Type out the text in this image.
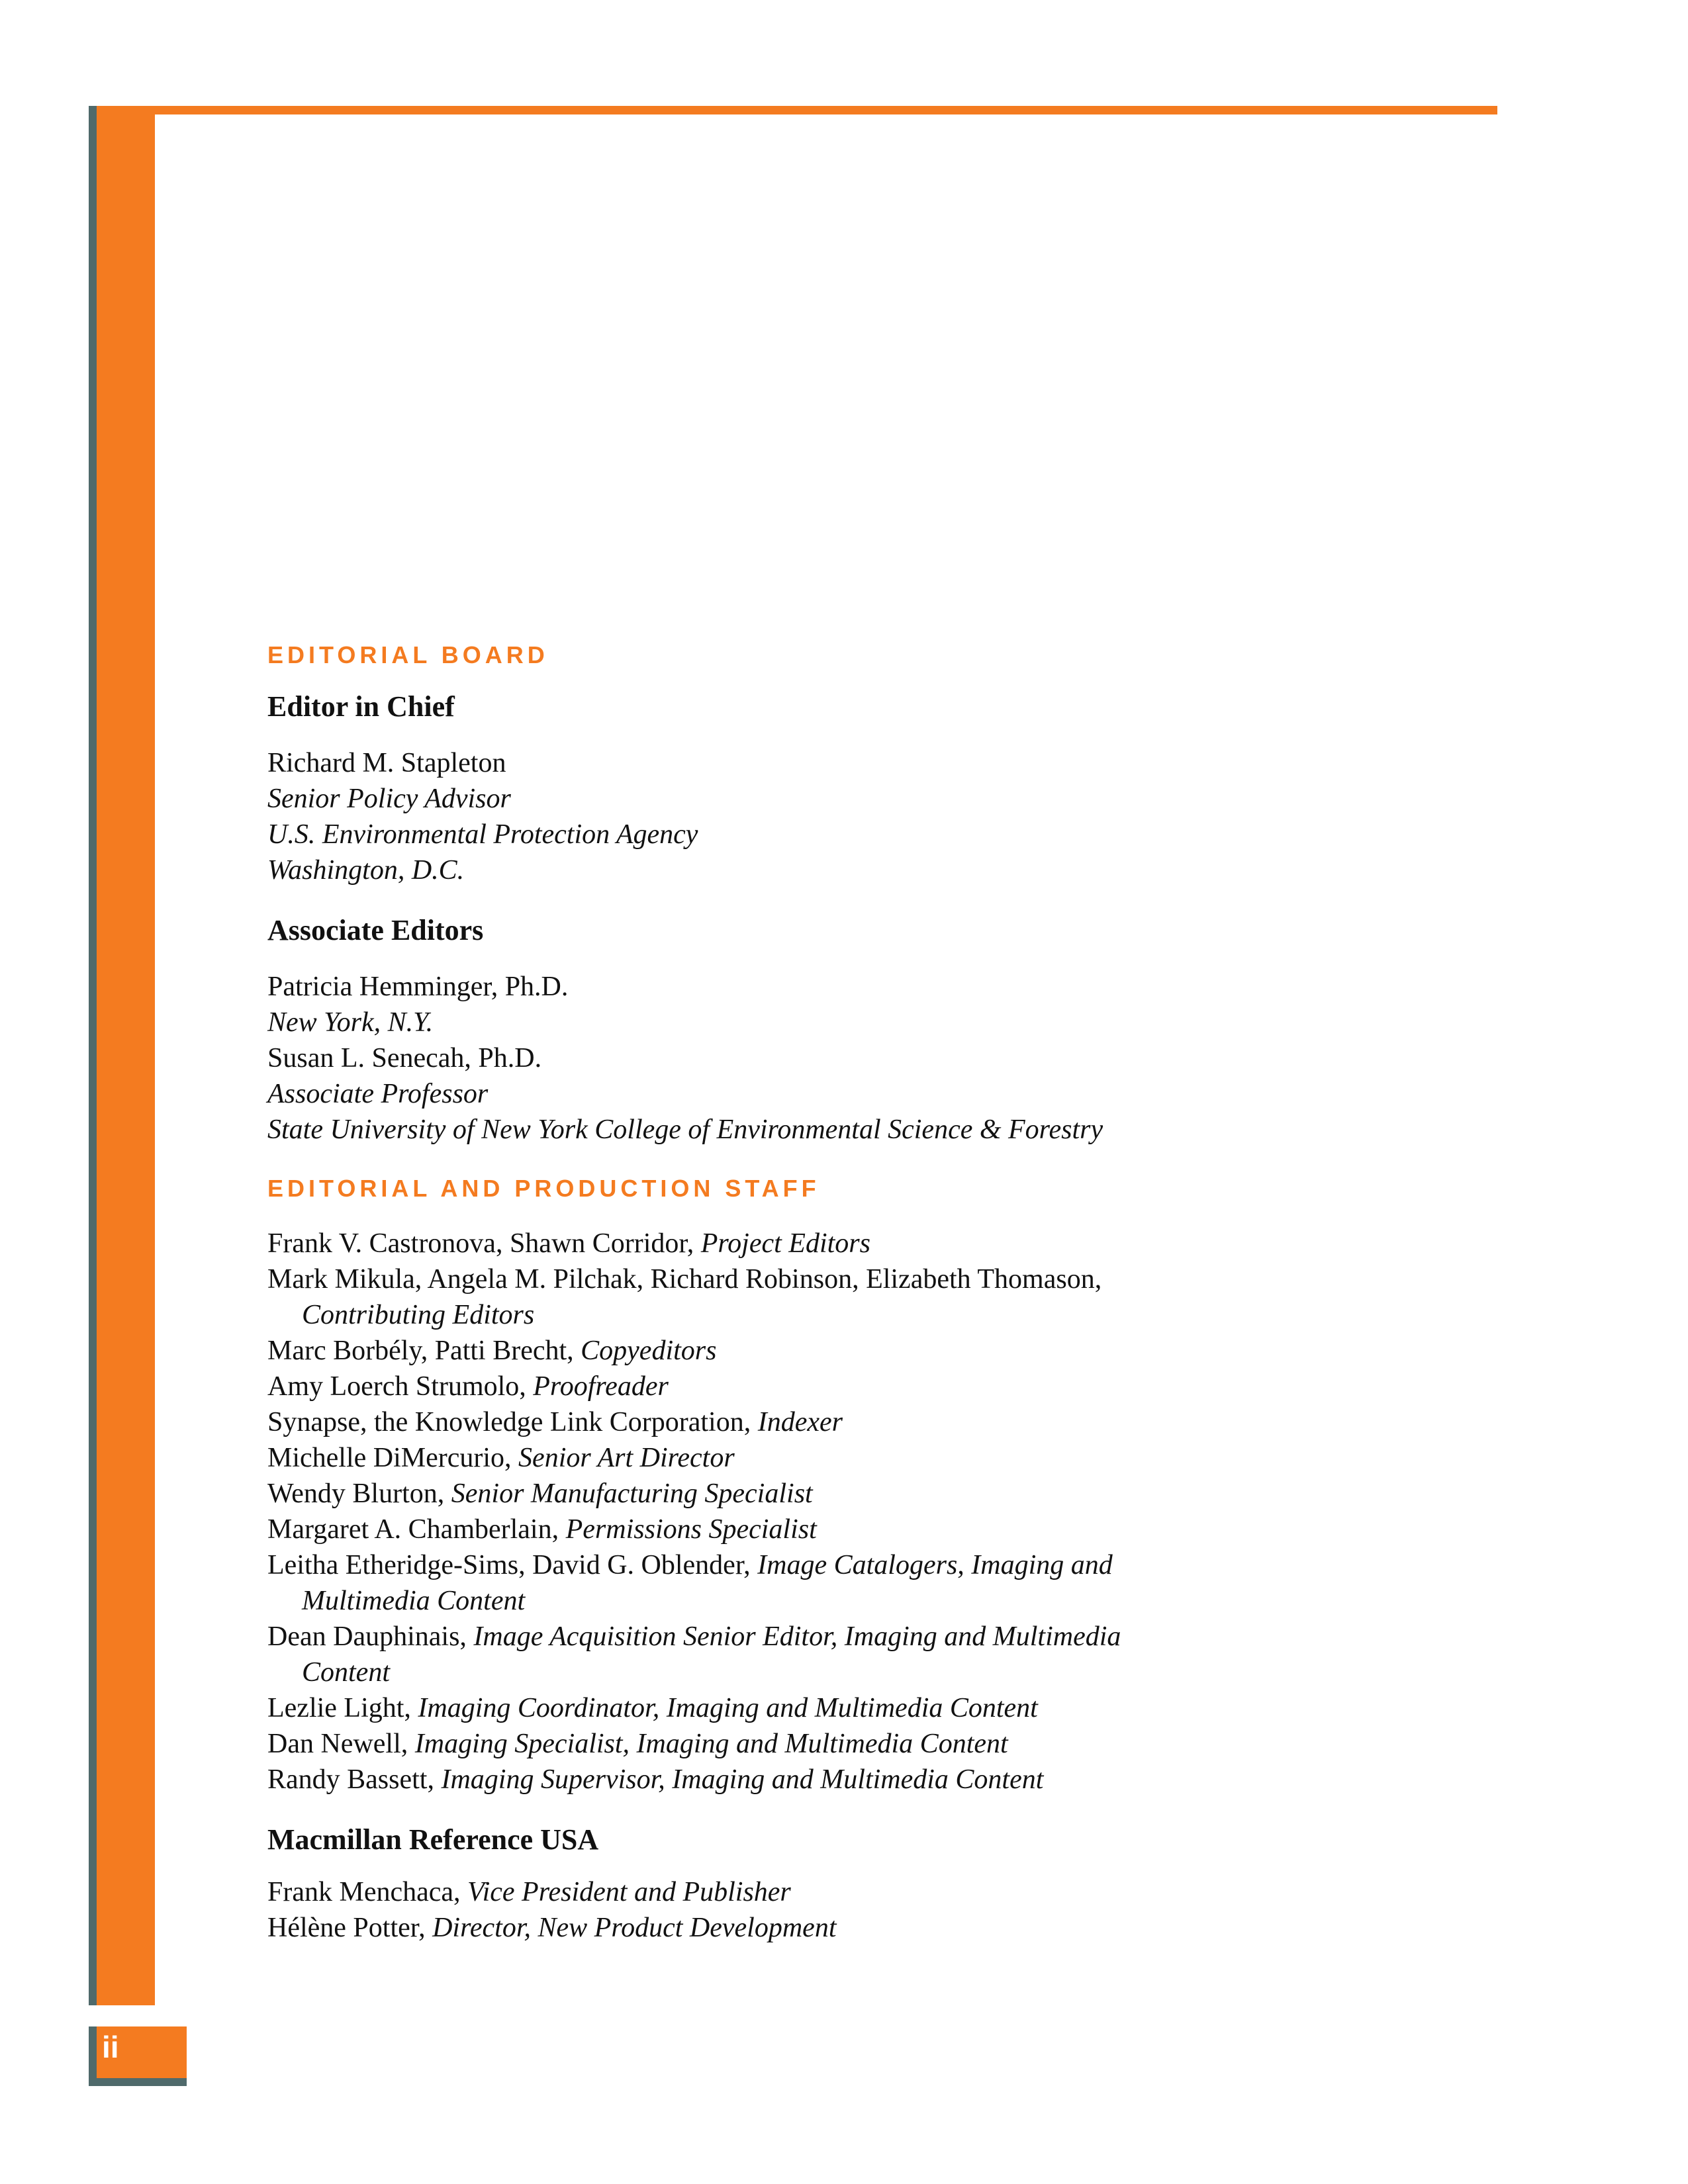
ii

EDITORIAL BOARD

Editor in Chief

Richard M. Stapleton

Senior Policy Advisor

U.S. Environmental Protection Agency

Washington, D.C.

Associate Editors

Patricia Hemminger, Ph.D.

New York, N.Y.

Susan L. Senecah, Ph.D.

Associate Professor

State University of New York College of Environmental Science & Forestry

EDITORIAL AND PRODUCTION STAFF

Frank V. Castronova, Shawn Corridor, Project Editors

Mark Mikula, Angela M. Pilchak, Richard Robinson, Elizabeth Thomason,

Contributing Editors

Marc Borbély, Patti Brecht, Copyeditors

Amy Loerch Strumolo, Proofreader

Synapse, the Knowledge Link Corporation, Indexer

Michelle DiMercurio, Senior Art Director

Wendy Blurton, Senior Manufacturing Specialist

Margaret A. Chamberlain, Permissions Specialist

Leitha Etheridge-Sims, David G. Oblender, Image Catalogers, Imaging and

Multimedia Content

Dean Dauphinais, Image Acquisition Senior Editor, Imaging and Multimedia

Content

Lezlie Light, Imaging Coordinator, Imaging and Multimedia Content

Dan Newell, Imaging Specialist, Imaging and Multimedia Content

Randy Bassett, Imaging Supervisor, Imaging and Multimedia Content

Macmillan Reference USA

Frank Menchaca, Vice President and Publisher

Hélène Potter, Director, New Product Development
